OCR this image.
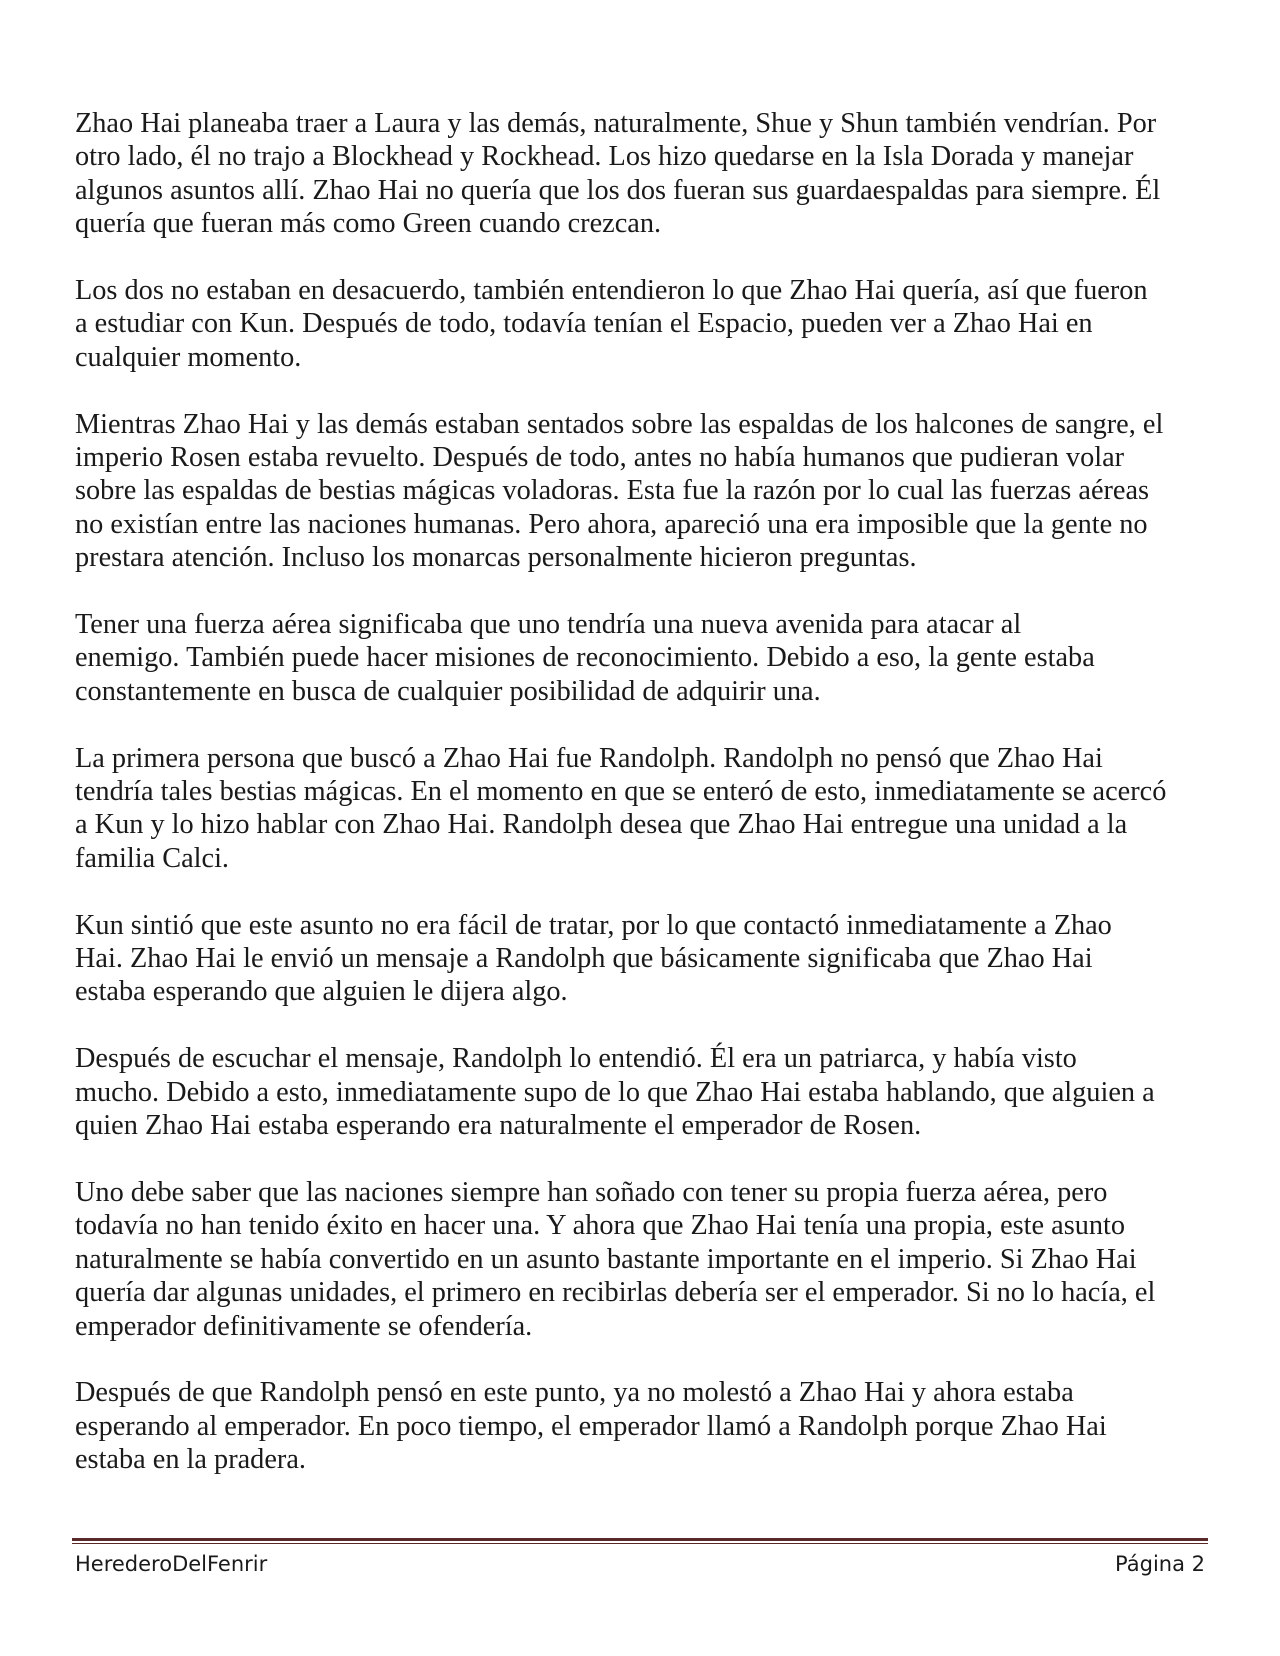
Zhao Hai planeaba traer a Laura y las demás, naturalmente, Shue y Shun también vendrían. Por
otro lado, él no trajo a Blockhead y Rockhead. Los hizo quedarse en la Isla Dorada y manejar
algunos asuntos allí. Zhao Hai no quería que los dos fueran sus guardaespaldas para siempre. Él
quería que fueran más como Green cuando crezcan.

Los dos no estaban en desacuerdo, también entendieron lo que Zhao Hai quería, así que fueron
a estudiar con Kun. Después de todo, todavía tenían el Espacio, pueden ver a Zhao Hai en
cualquier momento.

Mientras Zhao Hai y las demás estaban sentados sobre las espaldas de los halcones de sangre, el
imperio Rosen estaba revuelto. Después de todo, antes no había humanos que pudieran volar
sobre las espaldas de bestias mágicas voladoras. Esta fue la razón por lo cual las fuerzas aéreas
no existían entre las naciones humanas. Pero ahora, apareció una era imposible que la gente no
prestara atención. Incluso los monarcas personalmente hicieron preguntas.

Tener una fuerza aérea significaba que uno tendría una nueva avenida para atacar al
enemigo. También puede hacer misiones de reconocimiento. Debido a eso, la gente estaba
constantemente en busca de cualquier posibilidad de adquirir una.

La primera persona que buscó a Zhao Hai fue Randolph. Randolph no pensó que Zhao Hai
tendría tales bestias mágicas. En el momento en que se enteró de esto, inmediatamente se acercó
a Kun y lo hizo hablar con Zhao Hai. Randolph desea que Zhao Hai entregue una unidad a la
familia Calci.

Kun sintió que este asunto no era fácil de tratar, por lo que contactó inmediatamente a Zhao
Hai. Zhao Hai le envió un mensaje a Randolph que básicamente significaba que Zhao Hai
estaba esperando que alguien le dijera algo.

Después de escuchar el mensaje, Randolph lo entendió. Él era un patriarca, y había visto
mucho. Debido a esto, inmediatamente supo de lo que Zhao Hai estaba hablando, que alguien a
quien Zhao Hai estaba esperando era naturalmente el emperador de Rosen.

Uno debe saber que las naciones siempre han soñado con tener su propia fuerza aérea, pero
todavía no han tenido éxito en hacer una. Y ahora que Zhao Hai tenía una propia, este asunto
naturalmente se había convertido en un asunto bastante importante en el imperio. Si Zhao Hai
quería dar algunas unidades, el primero en recibirlas debería ser el emperador. Si no lo hacía, el
emperador definitivamente se ofendería.

Después de que Randolph pensó en este punto, ya no molestó a Zhao Hai y ahora estaba
esperando al emperador. En poco tiempo, el emperador llamó a Randolph porque Zhao Hai
estaba en la pradera.

HerederoDelFenrir	Página 2
